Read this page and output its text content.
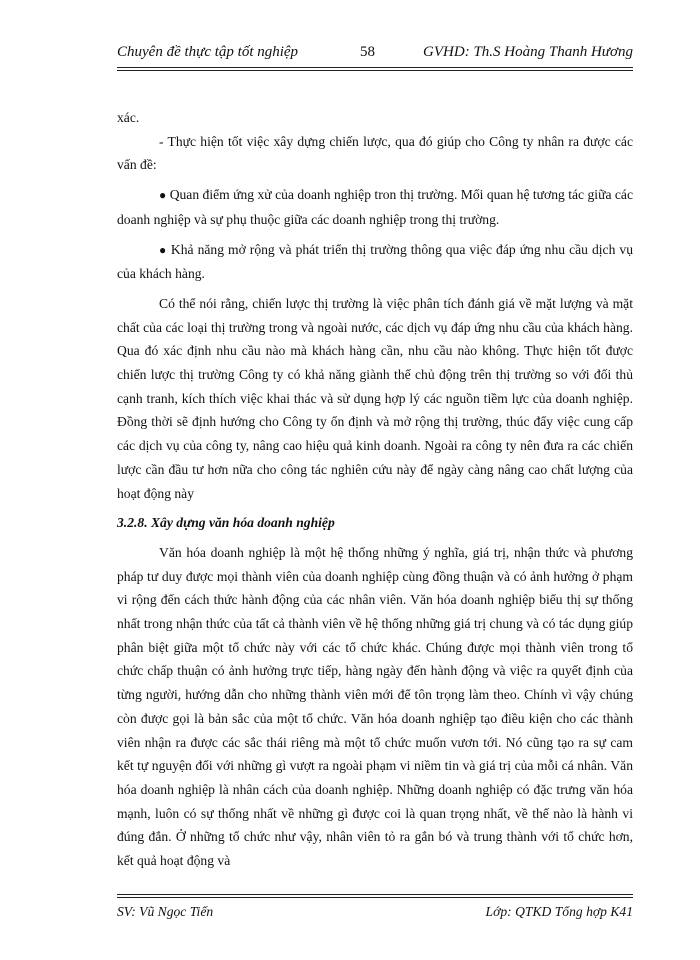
Chuyên đề thực tập tốt nghiệp	58	GVHD: Th.S Hoàng Thanh Hương

xác.

- Thực hiện tốt việc xây dựng chiến lược, qua đó giúp cho Công ty nhân ra được các vấn đề:

● Quan điểm ứng xử của doanh nghiệp tron thị trường. Mối quan hệ tương tác giữa các doanh nghiệp và sự phụ thuộc giữa các doanh nghiệp trong thị trường.

● Khả năng mở rộng và phát triển thị trường thông qua việc đáp ứng nhu cầu dịch vụ của khách hàng.

Có thể nói rằng, chiến lược thị trường là việc phân tích đánh giá về mặt lượng và mặt chất của các loại thị trường trong và ngoài nước, các dịch vụ đáp ứng nhu cầu của khách hàng. Qua đó xác định nhu cầu nào mà khách hàng cần, nhu cầu nào không. Thực hiện tốt được chiến lược thị trường Công ty có khả năng giành thế chủ động trên thị trường so với đối thủ cạnh tranh, kích thích việc khai thác và sử dụng hợp lý các nguồn tiềm lực của doanh nghiệp. Đồng thời sẽ định hướng cho Công ty ổn định và mở rộng thị trường, thúc đẩy việc cung cấp các dịch vụ của công ty, nâng cao hiệu quả kinh doanh. Ngoài ra công ty nên đưa ra các chiến lược cần đầu tư hơn nữa cho công tác nghiên cứu này để ngày càng nâng cao chất lượng của hoạt động này

3.2.8. Xây dựng văn hóa doanh nghiệp

Văn hóa doanh nghiệp là một hệ thống những ý nghĩa, giá trị, nhận thức và phương pháp tư duy được mọi thành viên của doanh nghiệp cùng đồng thuận và có ảnh hưởng ở phạm vi rộng đến cách thức hành động của các nhân viên. Văn hóa doanh nghiệp biểu thị sự thống nhất trong nhận thức của tất cả thành viên về hệ thống những giá trị chung và có tác dụng giúp phân biệt giữa một tổ chức này với các tổ chức khác. Chúng được mọi thành viên trong tổ chức chấp thuận có ảnh hưởng trực tiếp, hàng ngày đến hành động và việc ra quyết định của từng người, hướng dẫn cho những thành viên mới để tôn trọng làm theo. Chính vì vậy chúng còn được gọi là bản sắc của một tổ chức. Văn hóa doanh nghiệp tạo điều kiện cho các thành viên nhận ra được các sắc thái riêng mà một tổ chức muốn vươn tới. Nó cũng tạo ra sự cam kết tự nguyện đối với những gì vượt ra ngoài phạm vi niềm tin và giá trị của mỗi cá nhân. Văn hóa doanh nghiệp là nhân cách của doanh nghiệp. Những doanh nghiệp có đặc trưng văn hóa mạnh, luôn có sự thống nhất về những gì được coi là quan trọng nhất, về thế nào là hành vi đúng đắn. Ở những tổ chức như vậy, nhân viên tỏ ra gắn bó và trung thành với tổ chức hơn, kết quả hoạt động và

SV: Vũ Ngọc Tiến	Lớp: QTKD Tổng hợp K41
